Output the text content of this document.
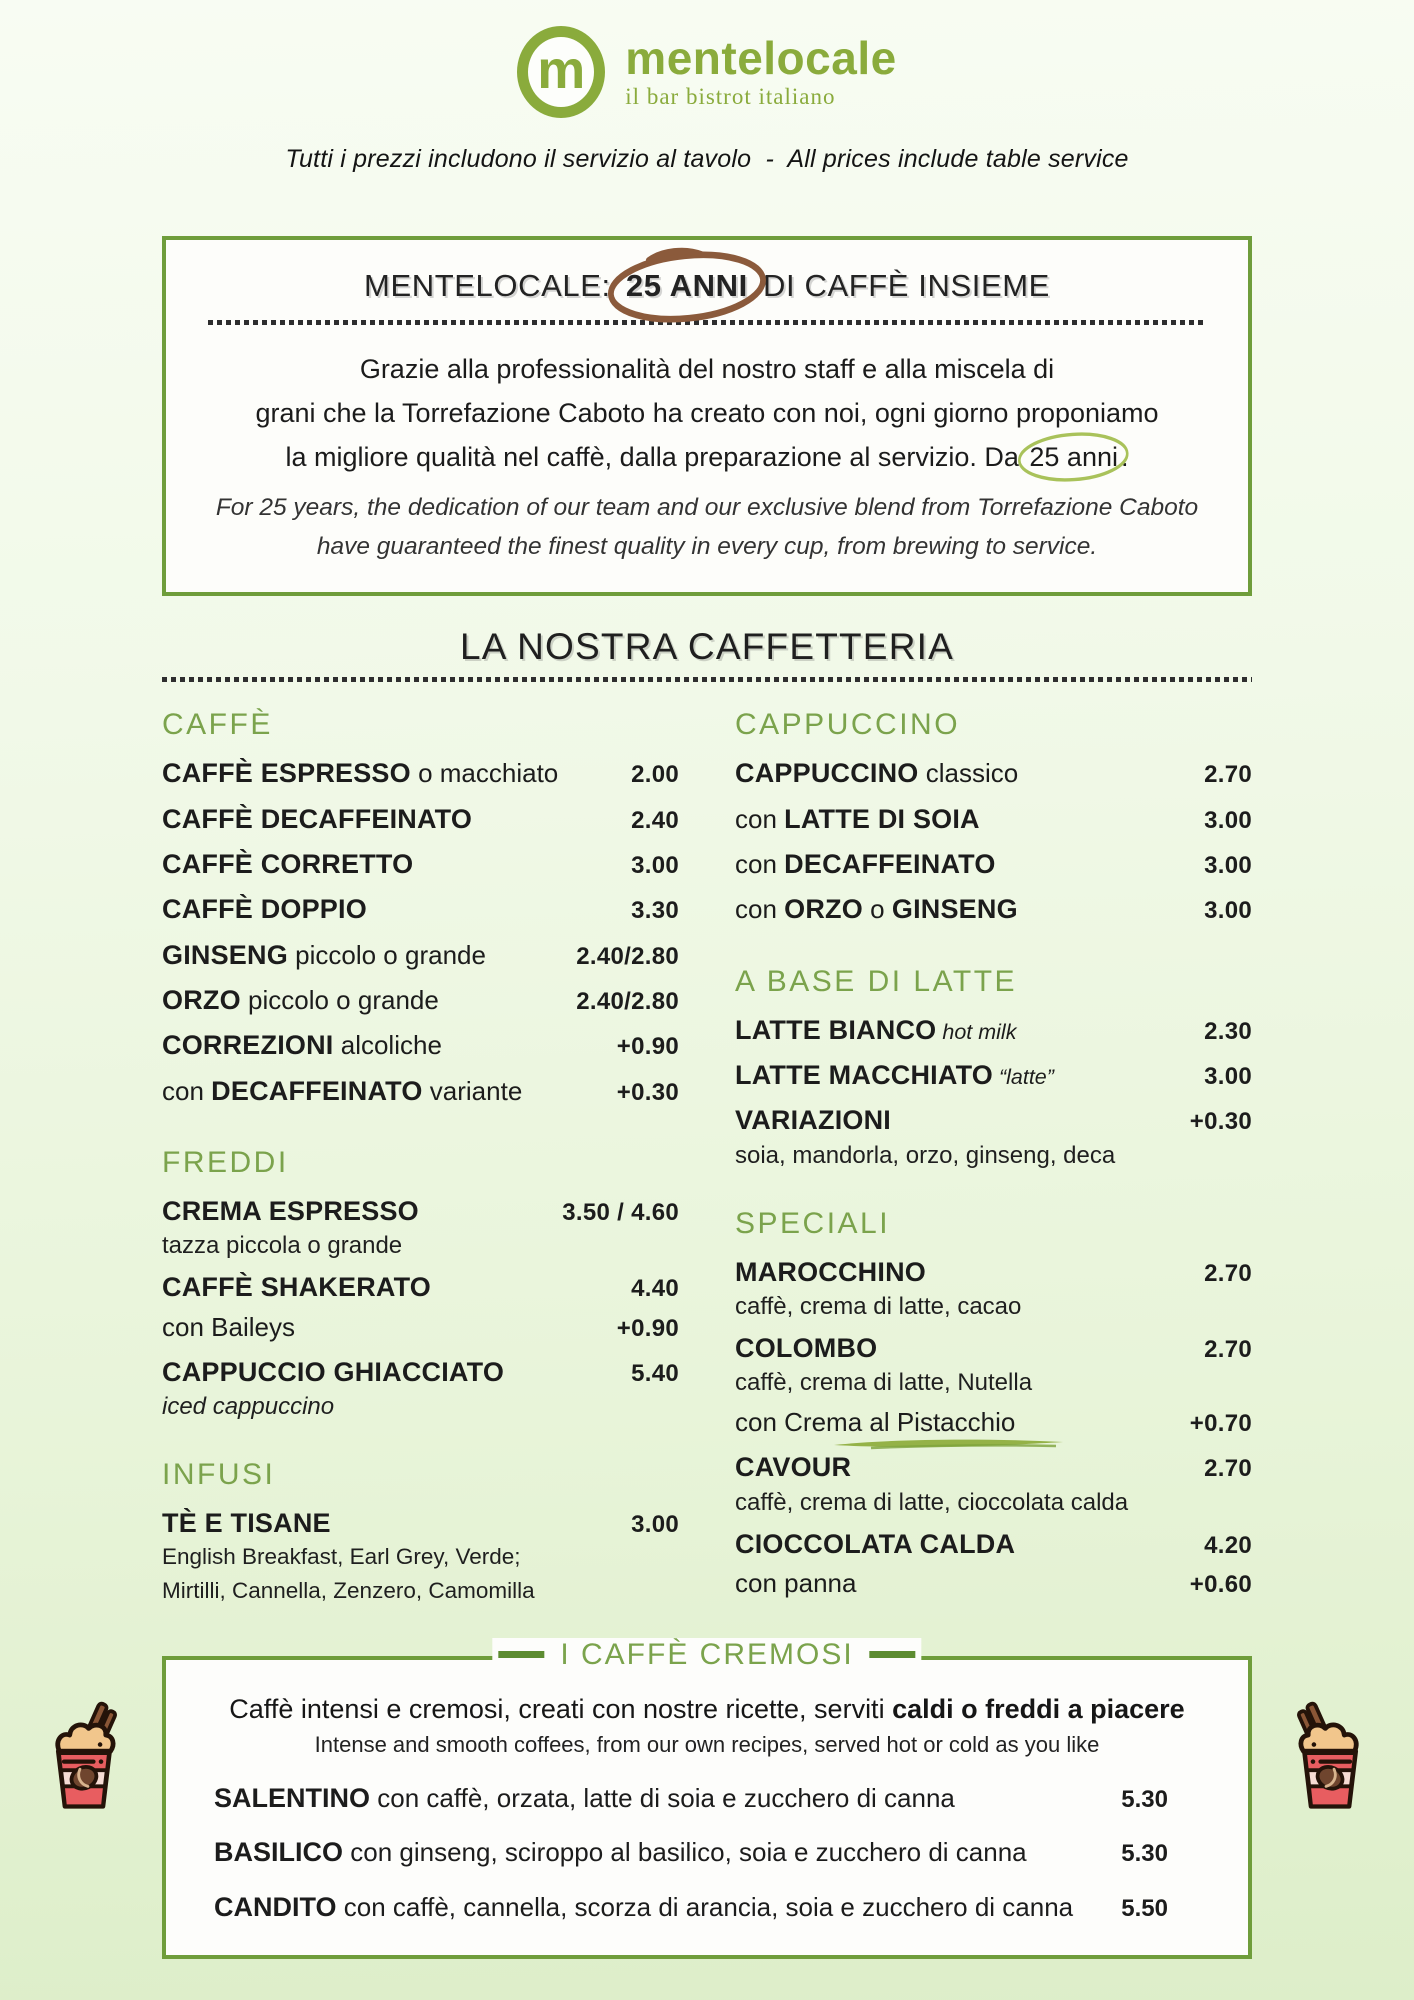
m mentelocale
il bar bistrot italiano
Tutti i prezzi includono il servizio al tavolo  -  All prices include table service
MENTELOCALE: 25 ANNI DI CAFFÈ INSIEME

Grazie alla professionalità del nostro staff e alla miscela di
grani che la Torrefazione Caboto ha creato con noi, ogni giorno proponiamo
la migliore qualità nel caffè, dalla preparazione al servizio. Da
25 anni .

For 25 years, the dedication of our team and our exclusive blend from Torrefazione Caboto
have guaranteed the finest quality in every cup, from brewing to service.

LA NOSTRA CAFFETTERIA
CAFFÈ
CAFFÈ ESPRESSO o macchiato	2.00
CAFFÈ DECAFFEINATO	2.40
CAFFÈ CORRETTO	3.00
CAFFÈ DOPPIO	3.30
GINSENG piccolo o grande	2.40/2.80
ORZO piccolo o grande	2.40/2.80
CORREZIONI alcoliche	+0.90
con DECAFFEINATO variante	+0.30
FREDDI
CREMA ESPRESSO	3.50 / 4.60
tazza piccola o grande
CAFFÈ SHAKERATO	4.40
con Baileys	+0.90
CAPPUCCIO GHIACCIATO	5.40
iced cappuccino
INFUSI
TÈ E TISANE	3.00
English Breakfast, Earl Grey, Verde;
Mirtilli, Cannella, Zenzero, Camomilla
CAPPUCCINO
CAPPUCCINO classico	2.70
con LATTE DI SOIA	3.00
con DECAFFEINATO	3.00
con ORZO o GINSENG	3.00
A BASE DI LATTE
LATTE BIANCO hot milk	2.30
LATTE MACCHIATO “latte”	3.00
VARIAZIONI	+0.30
soia, mandorla, orzo, ginseng, deca
SPECIALI
MAROCCHINO	2.70
caffè, crema di latte, cacao
COLOMBO	2.70
caffè, crema di latte, Nutella
con Crema al Pistacchio	+0.70
CAVOUR	2.70
caffè, crema di latte, cioccolata calda
CIOCCOLATA CALDA	4.20
con panna	+0.60
I CAFFÈ CREMOSI

Caffè intensi e cremosi, creati con nostre ricette, serviti caldi o freddi a piacere

Intense and smooth coffees, from our own recipes, served hot or cold as you like

SALENTINO con caffè, orzata, latte di soia e zucchero di canna	5.30
BASILICO con ginseng, sciroppo al basilico, soia e zucchero di canna	5.30
CANDITO con caffè, cannella, scorza di arancia, soia e zucchero di canna 5.50
